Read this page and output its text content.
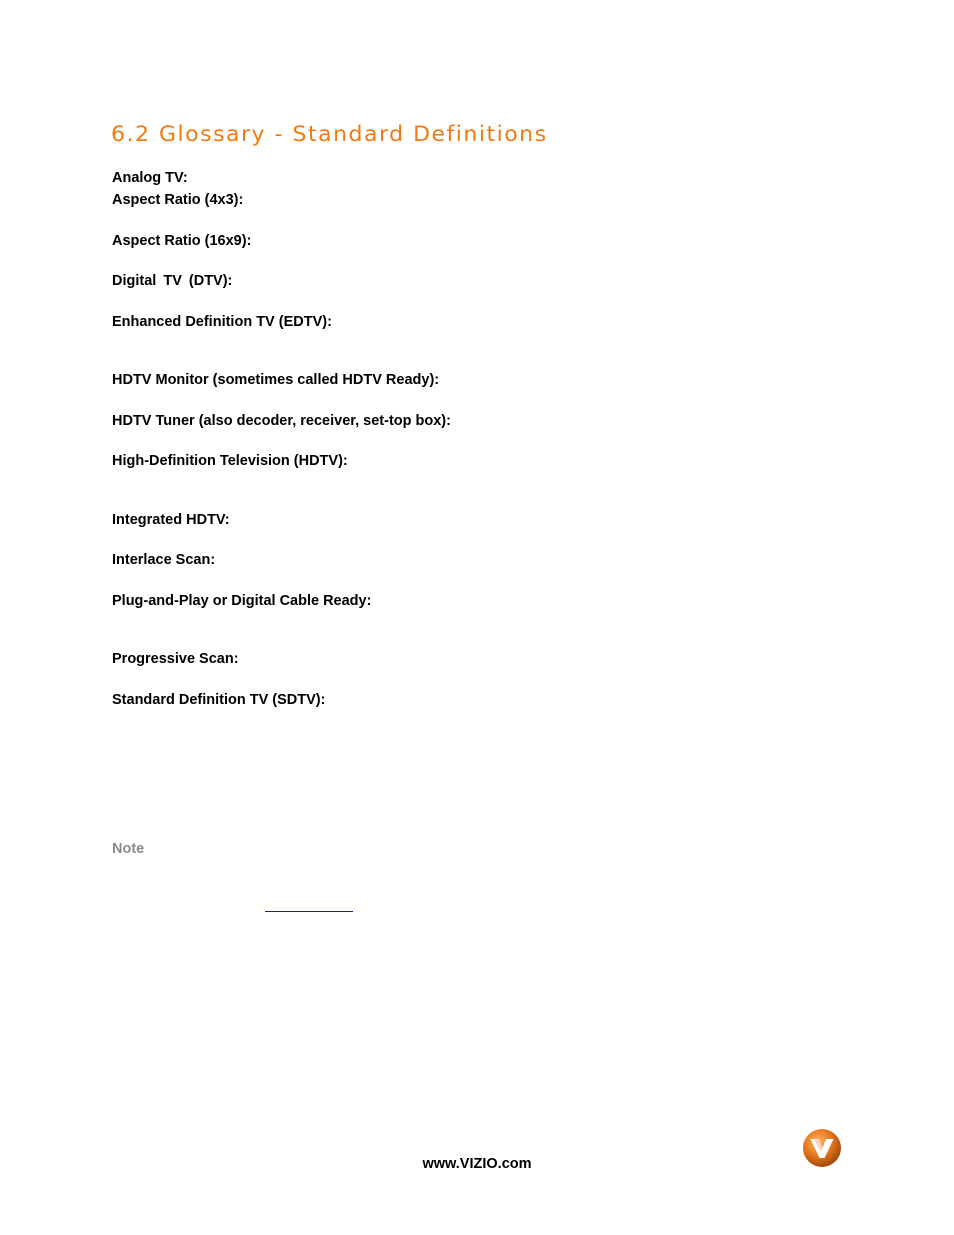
6.2 Glossary - Standard Definitions
Analog TV:
Aspect Ratio (4x3):
Aspect Ratio (16x9):
Digital TV (DTV):
Enhanced Definition TV (EDTV):
HDTV Monitor (sometimes called HDTV Ready):
HDTV Tuner (also decoder, receiver, set-top box):
High-Definition Television (HDTV):
Integrated HDTV:
Interlace Scan:
Plug-and-Play or Digital Cable Ready:
Progressive Scan:
Standard Definition TV (SDTV):
Note
www.VIZIO.com
